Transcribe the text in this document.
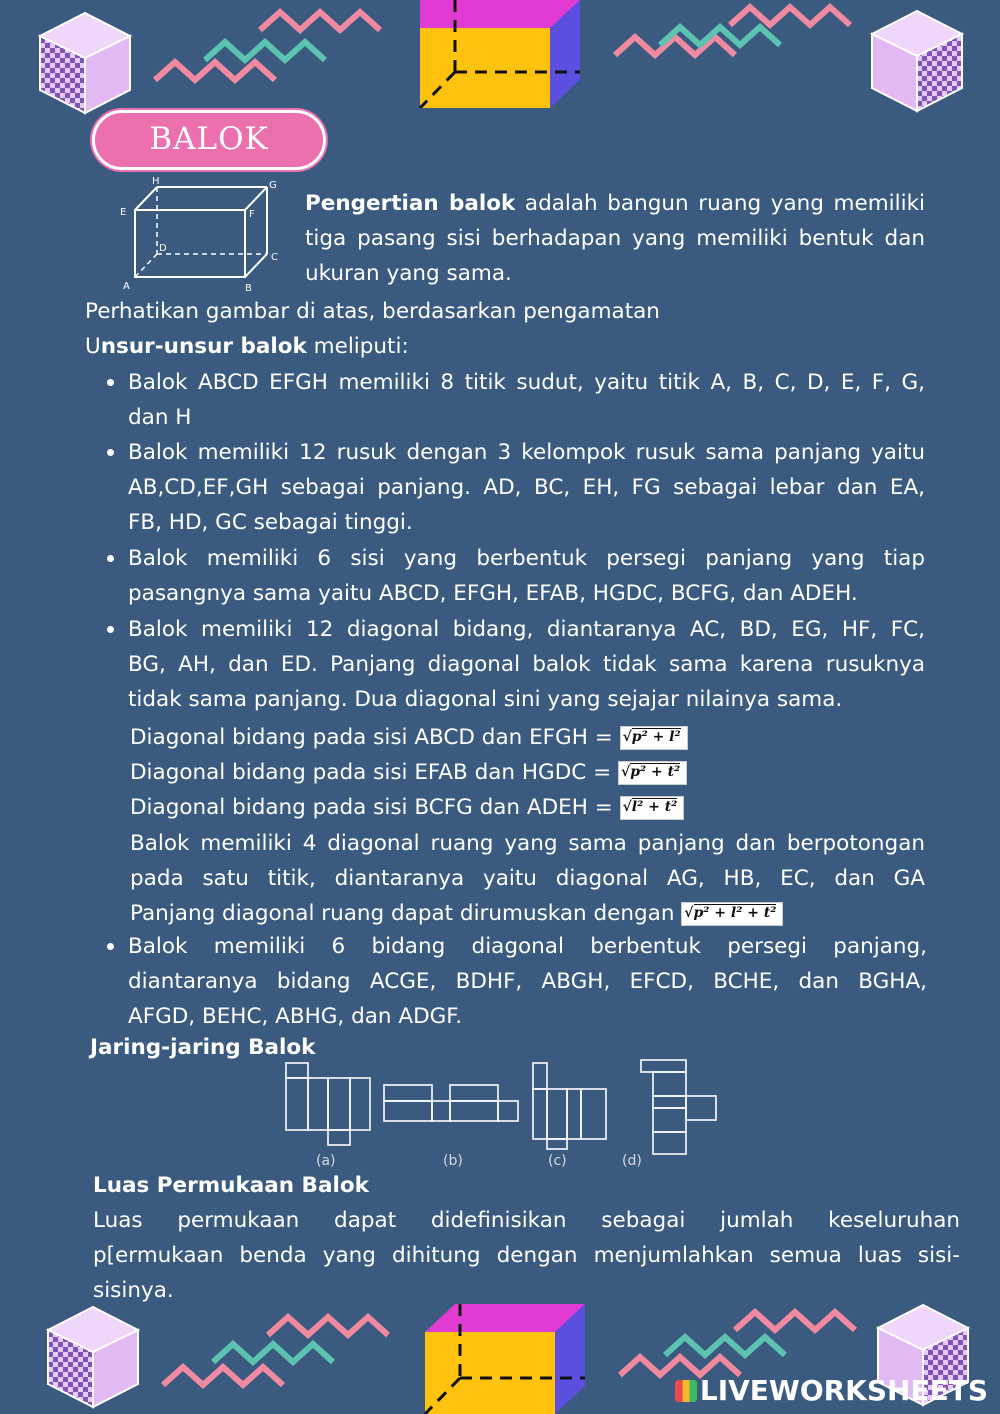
BALOK
H	G
E	F
D
C
A	B
Pengertian balok adalah bangun ruang yang memiliki
tiga pasang sisi berhadapan yang memiliki bentuk dan
ukuran yang sama.
Perhatikan gambar di atas, berdasarkan pengamatan
Unsur-unsur balok meliputi:
Balok ABCD EFGH memiliki 8 titik sudut, yaitu titik A, B, C, D, E, F, G,
dan H
Balok memiliki 12 rusuk dengan 3 kelompok rusuk sama panjang yaitu
AB,CD,EF,GH sebagai panjang. AD, BC, EH, FG sebagai lebar dan EA,
FB, HD, GC sebagai tinggi.
Balok memiliki 6 sisi yang berbentuk persegi panjang yang tiap
pasangnya sama yaitu ABCD, EFGH, EFAB, HGDC, BCFG, dan ADEH.
Balok memiliki 12 diagonal bidang, diantaranya AC, BD, EG, HF, FC,
BG, AH, dan ED. Panjang diagonal balok tidak sama karena rusuknya
tidak sama panjang. Dua diagonal sini yang sejajar nilainya sama.
Diagonal bidang pada sisi ABCD dan EFGH = √p² + l²
Diagonal bidang pada sisi EFAB dan HGDC = √p² + t²
Diagonal bidang pada sisi BCFG dan ADEH = √l² + t²
Balok memiliki 4 diagonal ruang yang sama panjang dan berpotongan
pada satu titik, diantaranya yaitu diagonal AG, HB, EC, dan GA
Panjang diagonal ruang dapat dirumuskan dengan √p² + l² + t²
Balok memiliki 6 bidang diagonal berbentuk persegi panjang,
diantaranya bidang ACGE, BDHF, ABGH, EFCD, BCHE, dan BGHA,
AFGD, BEHC, ABHG, dan ADGF.
Jaring-jaring Balok
(a)	(b)	(c)	(d)
Luas Permukaan Balok
Luas permukaan dapat didefinisikan sebagai jumlah keseluruhan
p[ermukaan benda yang dihitung dengan menjumlahkan semua luas sisi-
sisinya.
LIVEWORKSHEETS
